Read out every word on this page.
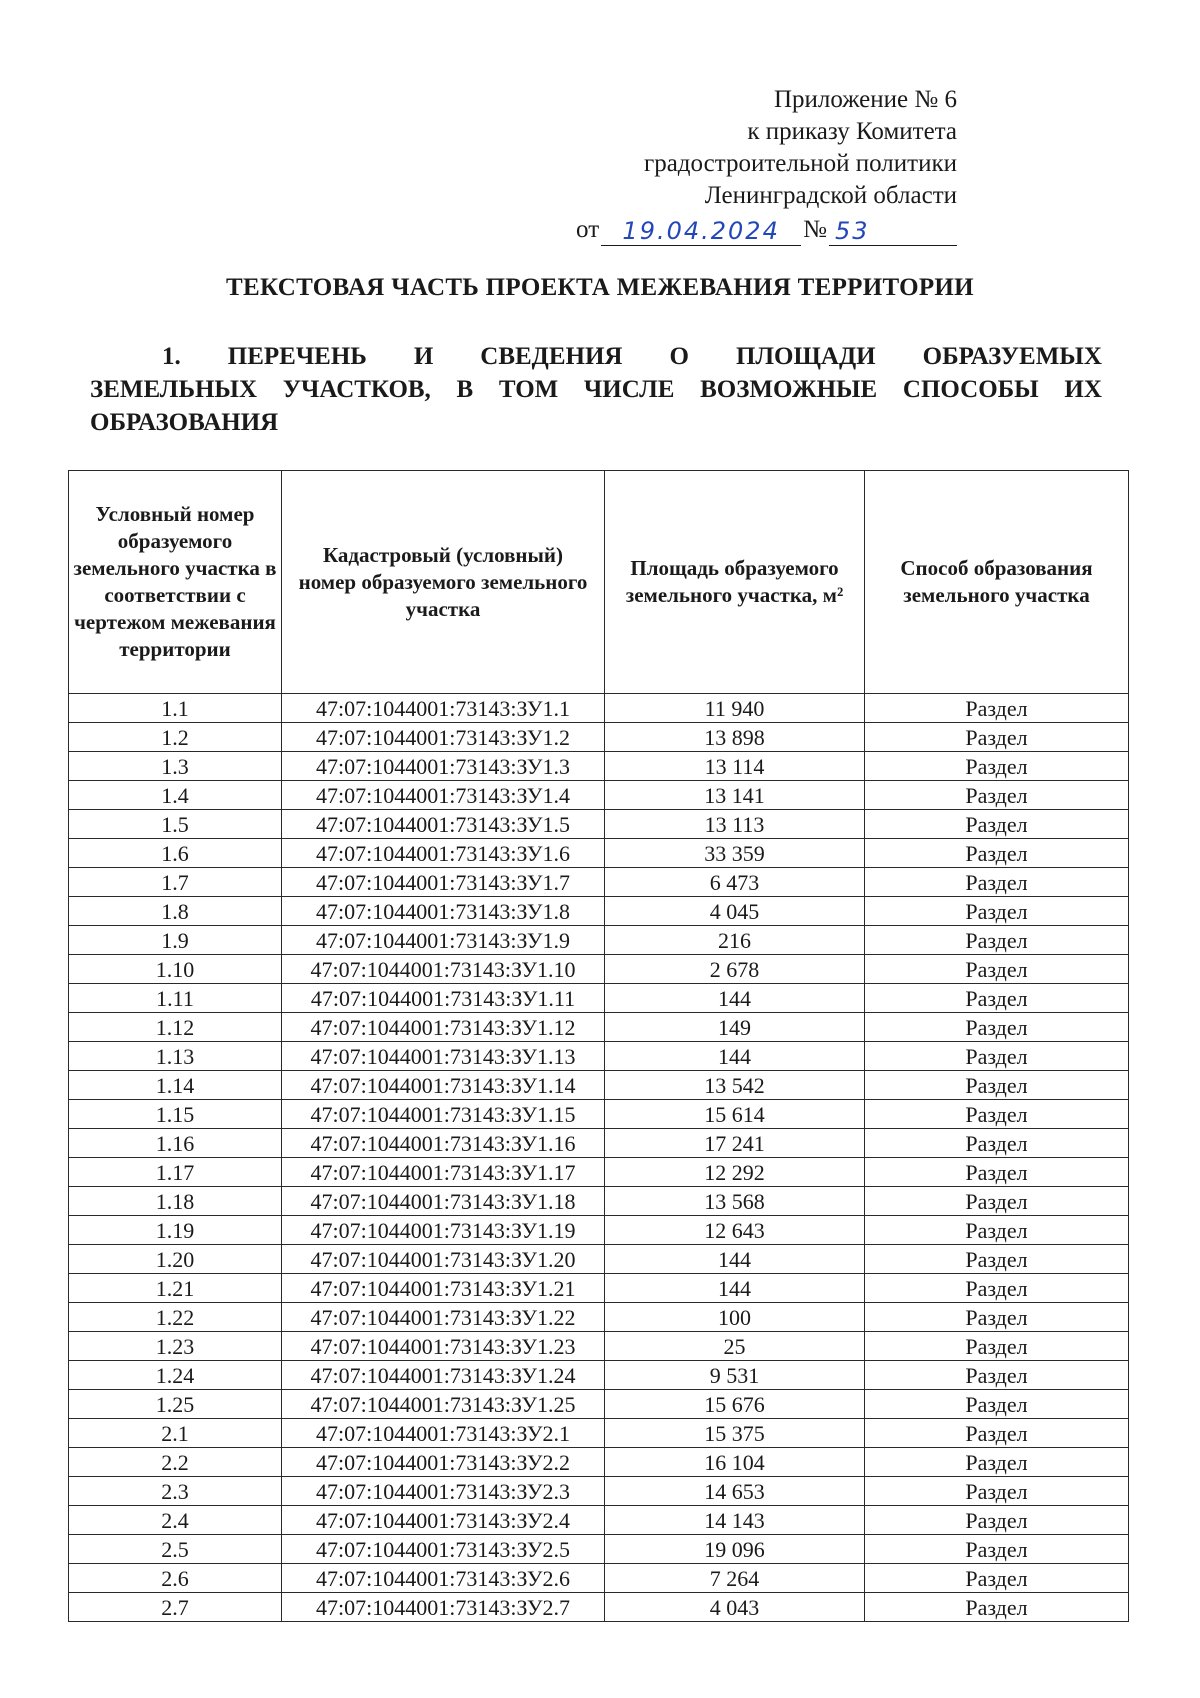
Приложение № 6
к приказу Комитета
градостроительной политики
Ленинградской области
от 19.04.2024 № 53
ТЕКСТОВАЯ ЧАСТЬ ПРОЕКТА МЕЖЕВАНИЯ ТЕРРИТОРИИ
1. ПЕРЕЧЕНЬ И СВЕДЕНИЯ О ПЛОЩАДИ ОБРАЗУЕМЫХ
ЗЕМЕЛЬНЫХ УЧАСТКОВ, В ТОМ ЧИСЛЕ ВОЗМОЖНЫЕ СПОСОБЫ ИХ
ОБРАЗОВАНИЯ
Условный номер образуемого земельного участка в соответствии с чертежом межевания территории	Кадастровый (условный) номер образуемого земельного участка	Площадь образуемого земельного участка, м²	Способ образования земельного участка
1.1	47:07:1044001:73143:ЗУ1.1	11 940	Раздел
1.2	47:07:1044001:73143:ЗУ1.2	13 898	Раздел
1.3	47:07:1044001:73143:ЗУ1.3	13 114	Раздел
1.4	47:07:1044001:73143:ЗУ1.4	13 141	Раздел
1.5	47:07:1044001:73143:ЗУ1.5	13 113	Раздел
1.6	47:07:1044001:73143:ЗУ1.6	33 359	Раздел
1.7	47:07:1044001:73143:ЗУ1.7	6 473	Раздел
1.8	47:07:1044001:73143:ЗУ1.8	4 045	Раздел
1.9	47:07:1044001:73143:ЗУ1.9	216	Раздел
1.10	47:07:1044001:73143:ЗУ1.10	2 678	Раздел
1.11	47:07:1044001:73143:ЗУ1.11	144	Раздел
1.12	47:07:1044001:73143:ЗУ1.12	149	Раздел
1.13	47:07:1044001:73143:ЗУ1.13	144	Раздел
1.14	47:07:1044001:73143:ЗУ1.14	13 542	Раздел
1.15	47:07:1044001:73143:ЗУ1.15	15 614	Раздел
1.16	47:07:1044001:73143:ЗУ1.16	17 241	Раздел
1.17	47:07:1044001:73143:ЗУ1.17	12 292	Раздел
1.18	47:07:1044001:73143:ЗУ1.18	13 568	Раздел
1.19	47:07:1044001:73143:ЗУ1.19	12 643	Раздел
1.20	47:07:1044001:73143:ЗУ1.20	144	Раздел
1.21	47:07:1044001:73143:ЗУ1.21	144	Раздел
1.22	47:07:1044001:73143:ЗУ1.22	100	Раздел
1.23	47:07:1044001:73143:ЗУ1.23	25	Раздел
1.24	47:07:1044001:73143:ЗУ1.24	9 531	Раздел
1.25	47:07:1044001:73143:ЗУ1.25	15 676	Раздел
2.1	47:07:1044001:73143:ЗУ2.1	15 375	Раздел
2.2	47:07:1044001:73143:ЗУ2.2	16 104	Раздел
2.3	47:07:1044001:73143:ЗУ2.3	14 653	Раздел
2.4	47:07:1044001:73143:ЗУ2.4	14 143	Раздел
2.5	47:07:1044001:73143:ЗУ2.5	19 096	Раздел
2.6	47:07:1044001:73143:ЗУ2.6	7 264	Раздел
2.7	47:07:1044001:73143:ЗУ2.7	4 043	Раздел
